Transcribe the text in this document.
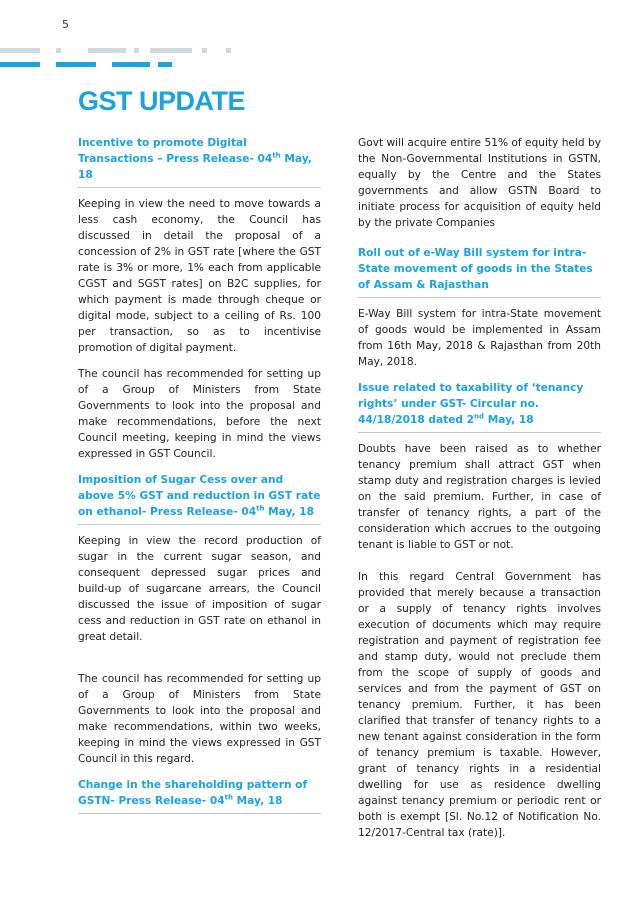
5
GST UPDATE
Incentive to promote Digital Transactions – Press Release- 04th May, 18

Keeping in view the need to move towards a less cash economy, the Council has discussed in detail the proposal of a concession of 2% in GST rate [where the GST rate is 3% or more, 1% each from applicable CGST and SGST rates] on B2C supplies, for which payment is made through cheque or digital mode, subject to a ceiling of Rs. 100 per transaction, so as to incentivise promotion of digital payment.

The council has recommended for setting up of a Group of Ministers from State Governments to look into the proposal and make recommendations, before the next Council meeting, keeping in mind the views expressed in GST Council.

Imposition of Sugar Cess over and above 5% GST and reduction in GST rate on ethanol- Press Release- 04th May, 18

Keeping in view the record production of sugar in the current sugar season, and consequent depressed sugar prices and build-up of sugarcane arrears, the Council discussed the issue of imposition of sugar cess and reduction in GST rate on ethanol in great detail.

The council has recommended for setting up of a Group of Ministers from State Governments to look into the proposal and make recommendations, within two weeks, keeping in mind the views expressed in GST Council in this regard.

Change in the shareholding pattern of GSTN- Press Release- 04th May, 18

Govt will acquire entire 51% of equity held by the Non-Governmental Institutions in GSTN, equally by the Centre and the States governments and allow GSTN Board to initiate process for acquisition of equity held by the private Companies

Roll out of e-Way Bill system for intra-State movement of goods in the States of Assam & Rajasthan

E-Way Bill system for intra-State movement of goods would be implemented in Assam from 16th May, 2018 & Rajasthan from 20th May, 2018.

Issue related to taxability of ‘tenancy rights’ under GST- Circular no. 44/18/2018 dated 2nd May, 18

Doubts have been raised as to whether tenancy premium shall attract GST when stamp duty and registration charges is levied on the said premium. Further, in case of transfer of tenancy rights, a part of the consideration which accrues to the outgoing tenant is liable to GST or not.

In this regard Central Government has provided that merely because a transaction or a supply of tenancy rights involves execution of documents which may require registration and payment of registration fee and stamp duty, would not preclude them from the scope of supply of goods and services and from the payment of GST on tenancy premium. Further, it has been clarified that transfer of tenancy rights to a new tenant against consideration in the form of tenancy premium is taxable. However, grant of tenancy rights in a residential dwelling for use as residence dwelling against tenancy premium or periodic rent or both is exempt [Sl. No.12 of Notification No. 12/2017-Central tax (rate)].
